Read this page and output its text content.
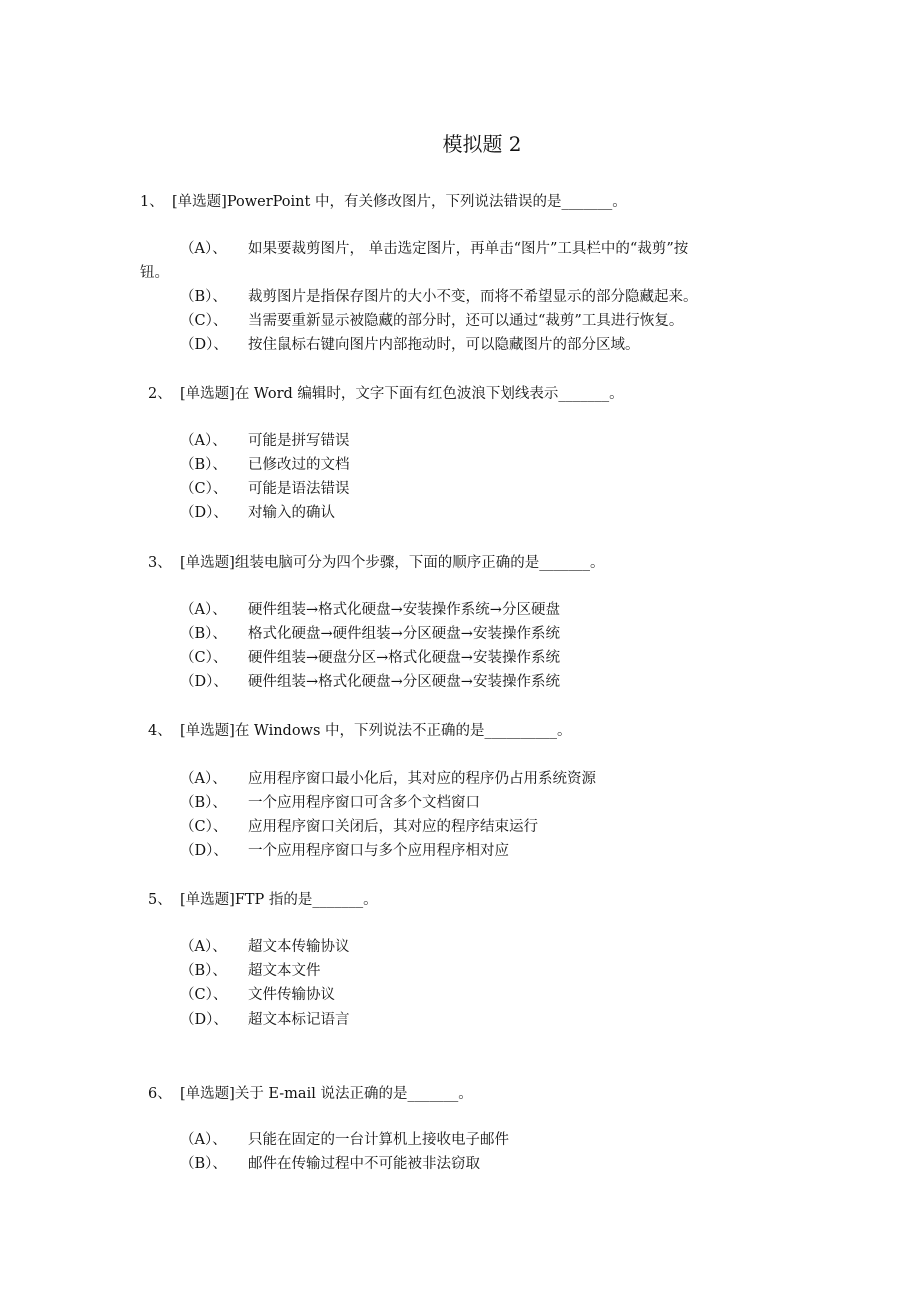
模拟题 2
1、 [单选题]PowerPoint 中，有关修改图片，下列说法错误的是_______。
（A）、 如果要裁剪图片， 单击选定图片，再单击“图片”工具栏中的“裁剪”按
（B）、 裁剪图片是指保存图片的大小不变，而将不希望显示的部分隐藏起来。
（C）、 当需要重新显示被隐藏的部分时，还可以通过“裁剪”工具进行恢复。
（D）、 按住鼠标右键向图片内部拖动时，可以隐藏图片的部分区域。
钮。
2、 [单选题]在 Word 编辑时，文字下面有红色波浪下划线表示_______。
（A）、 可能是拼写错误
（B）、 已修改过的文档
（C）、 可能是语法错误
（D）、 对输入的确认
3、 [单选题]组装电脑可分为四个步骤，下面的顺序正确的是_______。
（A）、 硬件组装→格式化硬盘→安装操作系统→分区硬盘
（B）、 格式化硬盘→硬件组装→分区硬盘→安装操作系统
（C）、 硬件组装→硬盘分区→格式化硬盘→安装操作系统
（D）、 硬件组装→格式化硬盘→分区硬盘→安装操作系统
4、 [单选题]在 Windows 中，下列说法不正确的是__________。
（A）、 应用程序窗口最小化后，其对应的程序仍占用系统资源
（B）、 一个应用程序窗口可含多个文档窗口
（C）、 应用程序窗口关闭后，其对应的程序结束运行
（D）、 一个应用程序窗口与多个应用程序相对应
5、 [单选题]FTP 指的是_______。
（A）、 超文本传输协议
（B）、 超文本文件
（C）、 文件传输协议
（D）、 超文本标记语言
6、 [单选题]关于 E-mail 说法正确的是_______。
（A）、 只能在固定的一台计算机上接收电子邮件
（B）、 邮件在传输过程中不可能被非法窃取
